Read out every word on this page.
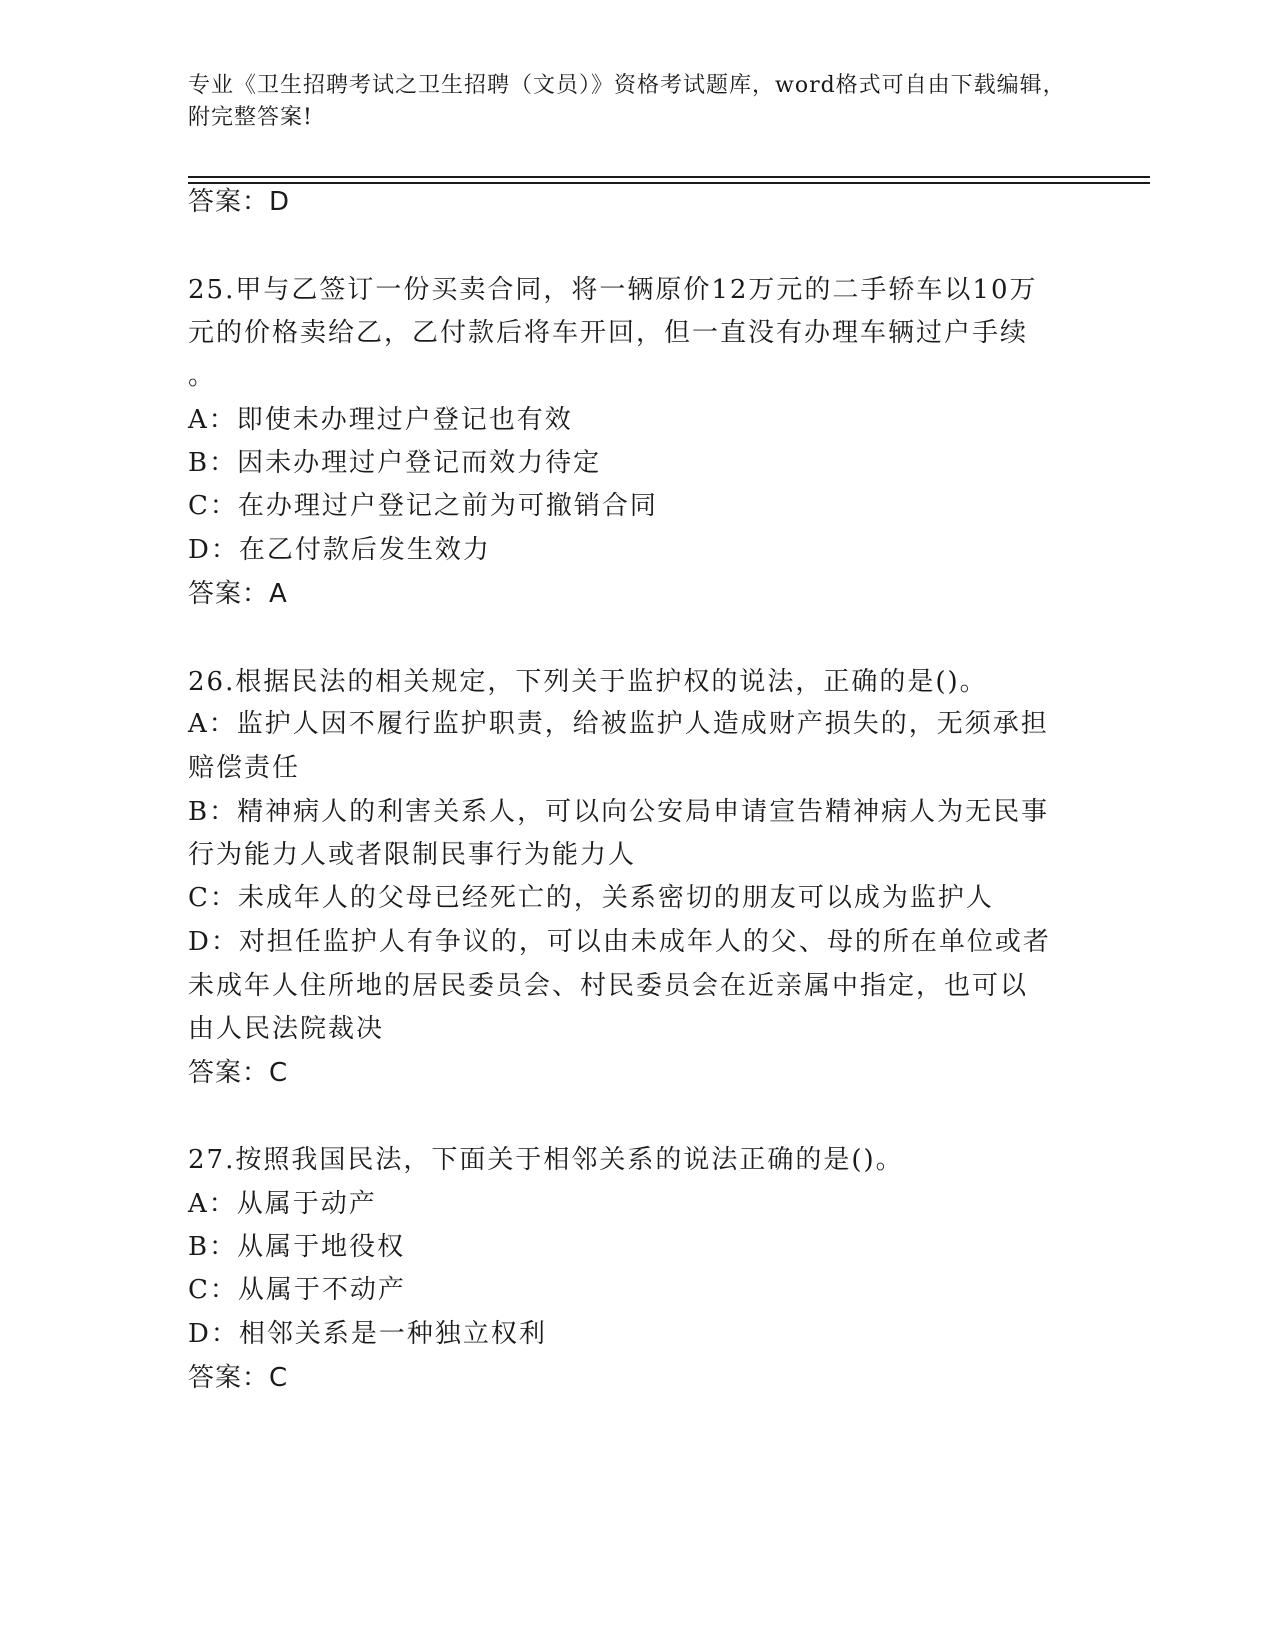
专业《卫生招聘考试之卫生招聘（文员）》资格考试题库，word格式可自由下载编辑，附完整答案!
答案：D
25.甲与乙签订一份买卖合同，将一辆原价12万元的二手轿车以10万
元的价格卖给乙，乙付款后将车开回，但一直没有办理车辆过户手续
。
A：即使未办理过户登记也有效
B：因未办理过户登记而效力待定
C：在办理过户登记之前为可撤销合同
D：在乙付款后发生效力
答案：A
26.根据民法的相关规定，下列关于监护权的说法，正确的是()。
A：监护人因不履行监护职责，给被监护人造成财产损失的，无须承担
赔偿责任
B：精神病人的利害关系人，可以向公安局申请宣告精神病人为无民事
行为能力人或者限制民事行为能力人
C：未成年人的父母已经死亡的，关系密切的朋友可以成为监护人
D：对担任监护人有争议的，可以由未成年人的父、母的所在单位或者
未成年人住所地的居民委员会、村民委员会在近亲属中指定，也可以
由人民法院裁决
答案：C
27.按照我国民法，下面关于相邻关系的说法正确的是()。
A：从属于动产
B：从属于地役权
C：从属于不动产
D：相邻关系是一种独立权利
答案：C
